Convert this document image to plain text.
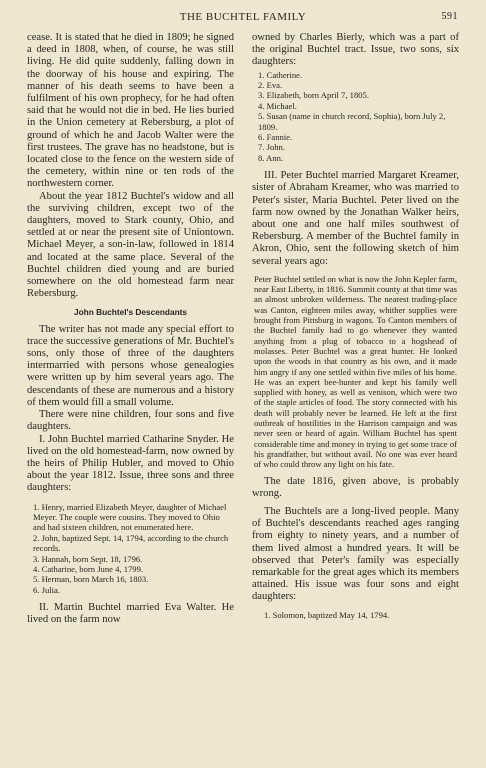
THE BUCHTEL FAMILY	591

cease. It is stated that he died in 1809; he signed a deed in 1808, when, of course, he was still living. He did quite suddenly, falling down in the doorway of his house and expiring. The manner of his death seems to have been a fulfilment of his own prophecy, for he had often said that he would not die in bed. He lies buried in the Union cemetery at Rebersburg, a plot of ground of which he and Jacob Walter were the first trustees. The grave has no headstone, but is located close to the fence on the western side of the cemetery, within nine or ten rods of the northwestern corner.

About the year 1812 Buchtel's widow and all the surviving children, except two of the daughters, moved to Stark county, Ohio, and settled at or near the present site of Uniontown. Michael Meyer, a son-in-law, followed in 1814 and located at the same place. Several of the Buchtel children died young and are buried somewhere on the old homestead farm near Rebersburg.

John Buchtel's Descendants

The writer has not made any special effort to trace the successive generations of Mr. Buchtel's sons, only those of three of the daughters intermarried with persons whose genealogies were written up by him several years ago. The descendants of these are numerous and a history of them would fill a small volume.

There were nine children, four sons and five daughters.

I. John Buchtel married Catharine Snyder. He lived on the old homestead-farm, now owned by the heirs of Philip Hubler, and moved to Ohio about the year 1812. Issue, three sons and three daughters:

1. Henry, married Elizabeth Meyer, daughter of Michael Meyer. The couple were cousins. They moved to Ohio and had sixteen children, not enumerated here.
2. John, baptized Sept. 14, 1794, according to the church records.
3. Hannah, born Sept. 18, 1796.
4. Catharine, born June 4, 1799.
5. Herman, born March 16, 1803.
6. Julia.

II. Martin Buchtel married Eva Walter. He lived on the farm now

owned by Charles Bierly, which was a part of the original Buchtel tract. Issue, two sons, six daughters:

1. Catherine.
2. Eva.
3. Elizabeth, born April 7, 1805.
4. Michael.
5. Susan (name in church record, Sophia), born July 2, 1809.
6. Fannie.
7. John.
8. Ann.

III. Peter Buchtel married Margaret Kreamer, sister of Abraham Kreamer, who was married to Peter's sister, Maria Buchtel. Peter lived on the farm now owned by the Jonathan Walker heirs, about one and one half miles southwest of Rebersburg. A member of the Buchtel family in Akron, Ohio, sent the following sketch of him several years ago:

Peter Buchtel settled on what is now the John Kepler farm, near East Liberty, in 1816. Summit county at that time was an almost unbroken wilderness. The nearest trading-place was Canton, eighteen miles away, whither supplies were brought from Pittsburg in wagons. To Canton members of the Buchtel family had to go whenever they wanted anything from a plug of tobacco to a hogshead of molasses. Peter Buchtel was a great hunter. He looked upon the woods in that country as his own, and it made him angry if any one settled within five miles of his home. He was an expert bee-hunter and kept his family well supplied with honey, as well as venison, which were two of the staple articles of food. The story connected with his death will probably never be learned. He left at the first outbreak of hostilities in the Harrison campaign and was never seen or heard of again. William Buchtel has spent considerable time and money in trying to get some trace of his grandfather, but without avail. No one was ever heard of who could throw any light on his fate.

The date 1816, given above, is probably wrong.

The Buchtels are a long-lived people. Many of Buchtel's descendants reached ages ranging from eighty to ninety years, and a number of them lived almost a hundred years. It will be observed that Peter's family was especially remarkable for the great ages which its members attained. His issue was four sons and eight daughters:

1. Solomon, baptized May 14, 1794.
